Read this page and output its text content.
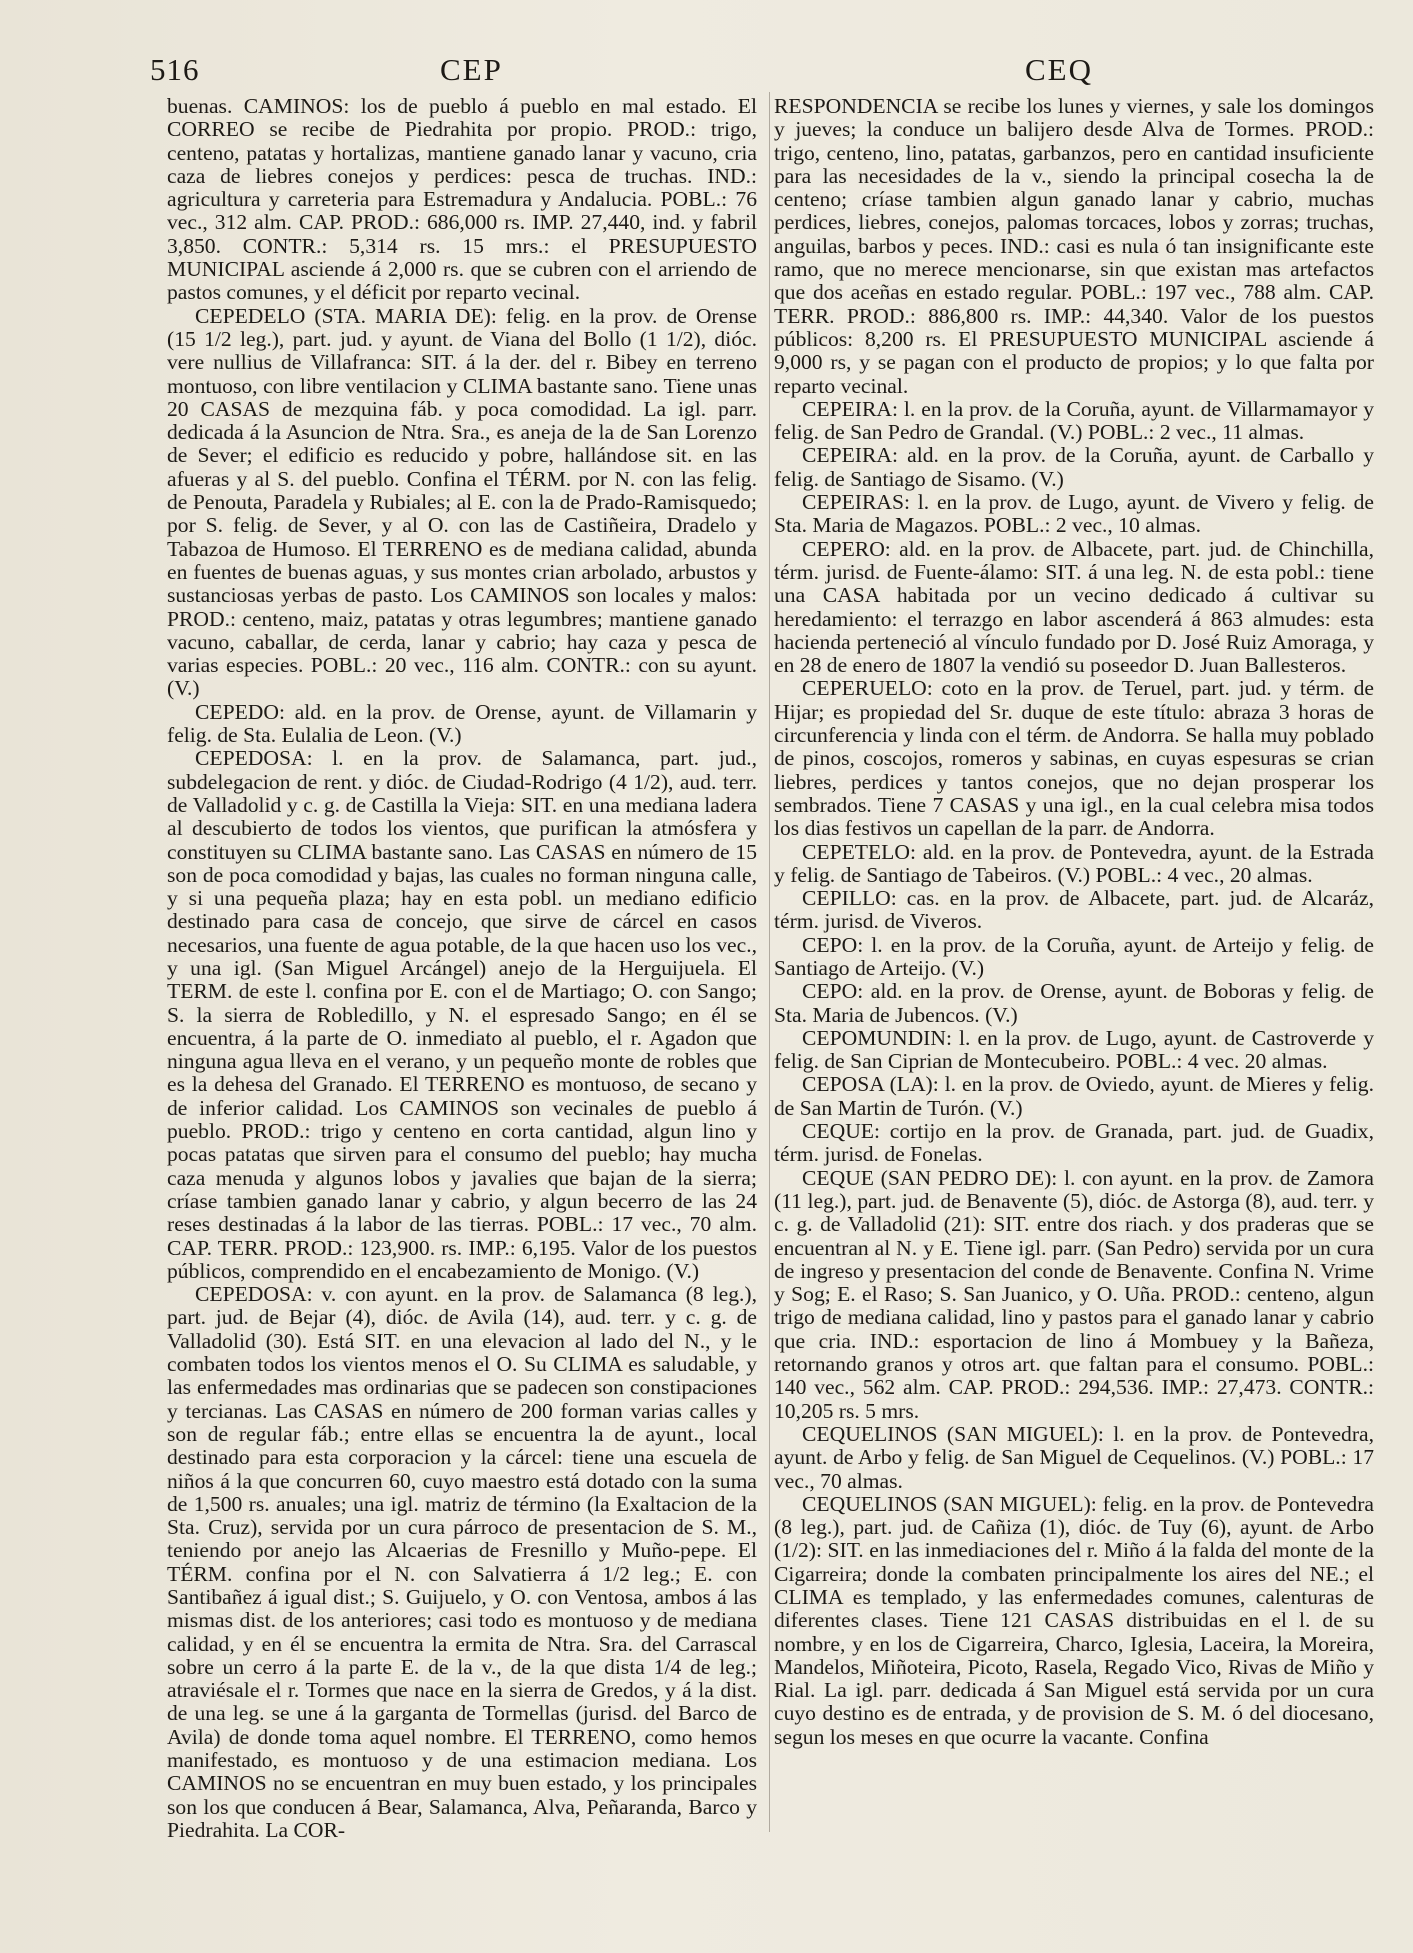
516	CEP	CEQ

buenas. CAMINOS: los de pueblo á pueblo en mal estado. El CORREO se recibe de Piedrahita por propio. PROD.: trigo, centeno, patatas y hortalizas, mantiene ganado lanar y vacuno, cria caza de liebres conejos y perdices: pesca de truchas. IND.: agricultura y carreteria para Estremadura y Andalucia. POBL.: 76 vec., 312 alm. CAP. PROD.: 686,000 rs. IMP. 27,440, ind. y fabril 3,850. CONTR.: 5,314 rs. 15 mrs.: el PRESUPUESTO MUNICIPAL asciende á 2,000 rs. que se cubren con el arriendo de pastos comunes, y el déficit por reparto vecinal.

CEPEDELO (STA. MARIA DE): felig. en la prov. de Orense (15 1/2 leg.), part. jud. y ayunt. de Viana del Bollo (1 1/2), dióc. vere nullius de Villafranca: SIT. á la der. del r. Bibey en terreno montuoso, con libre ventilacion y CLIMA bastante sano. Tiene unas 20 CASAS de mezquina fáb. y poca comodidad. La igl. parr. dedicada á la Asuncion de Ntra. Sra., es aneja de la de San Lorenzo de Sever; el edificio es reducido y pobre, hallándose sit. en las afueras y al S. del pueblo. Confina el TÉRM. por N. con las felig. de Penouta, Paradela y Rubiales; al E. con la de Prado-Ramisquedo; por S. felig. de Sever, y al O. con las de Castiñeira, Dradelo y Tabazoa de Humoso. El TERRENO es de mediana calidad, abunda en fuentes de buenas aguas, y sus montes crian arbolado, arbustos y sustanciosas yerbas de pasto. Los CAMINOS son locales y malos: PROD.: centeno, maiz, patatas y otras legumbres; mantiene ganado vacuno, caballar, de cerda, lanar y cabrio; hay caza y pesca de varias especies. POBL.: 20 vec., 116 alm. CONTR.: con su ayunt. (V.)

CEPEDO: ald. en la prov. de Orense, ayunt. de Villamarin y felig. de Sta. Eulalia de Leon. (V.)

CEPEDOSA: l. en la prov. de Salamanca, part. jud., subdelegacion de rent. y dióc. de Ciudad-Rodrigo (4 1/2), aud. terr. de Valladolid y c. g. de Castilla la Vieja: SIT. en una mediana ladera al descubierto de todos los vientos, que purifican la atmósfera y constituyen su CLIMA bastante sano. Las CASAS en número de 15 son de poca comodidad y bajas, las cuales no forman ninguna calle, y si una pequeña plaza; hay en esta pobl. un mediano edificio destinado para casa de concejo, que sirve de cárcel en casos necesarios, una fuente de agua potable, de la que hacen uso los vec., y una igl. (San Miguel Arcángel) anejo de la Herguijuela. El TERM. de este l. confina por E. con el de Martiago; O. con Sango; S. la sierra de Robledillo, y N. el espresado Sango; en él se encuentra, á la parte de O. inmediato al pueblo, el r. Agadon que ninguna agua lleva en el verano, y un pequeño monte de robles que es la dehesa del Granado. El TERRENO es montuoso, de secano y de inferior calidad. Los CAMINOS son vecinales de pueblo á pueblo. PROD.: trigo y centeno en corta cantidad, algun lino y pocas patatas que sirven para el consumo del pueblo; hay mucha caza menuda y algunos lobos y javalies que bajan de la sierra; críase tambien ganado lanar y cabrio, y algun becerro de las 24 reses destinadas á la labor de las tierras. POBL.: 17 vec., 70 alm. CAP. TERR. PROD.: 123,900. rs. IMP.: 6,195. Valor de los puestos públicos, comprendido en el encabezamiento de Monigo. (V.)

CEPEDOSA: v. con ayunt. en la prov. de Salamanca (8 leg.), part. jud. de Bejar (4), dióc. de Avila (14), aud. terr. y c. g. de Valladolid (30). Está SIT. en una elevacion al lado del N., y le combaten todos los vientos menos el O. Su CLIMA es saludable, y las enfermedades mas ordinarias que se padecen son constipaciones y tercianas. Las CASAS en número de 200 forman varias calles y son de regular fáb.; entre ellas se encuentra la de ayunt., local destinado para esta corporacion y la cárcel: tiene una escuela de niños á la que concurren 60, cuyo maestro está dotado con la suma de 1,500 rs. anuales; una igl. matriz de término (la Exaltacion de la Sta. Cruz), servida por un cura párroco de presentacion de S. M., teniendo por anejo las Alcaerias de Fresnillo y Muño-pepe. El TÉRM. confina por el N. con Salvatierra á 1/2 leg.; E. con Santibañez á igual dist.; S. Guijuelo, y O. con Ventosa, ambos á las mismas dist. de los anteriores; casi todo es montuoso y de mediana calidad, y en él se encuentra la ermita de Ntra. Sra. del Carrascal sobre un cerro á la parte E. de la v., de la que dista 1/4 de leg.; atraviésale el r. Tormes que nace en la sierra de Gredos, y á la dist. de una leg. se une á la garganta de Tormellas (jurisd. del Barco de Avila) de donde toma aquel nombre. El TERRENO, como hemos manifestado, es montuoso y de una estimacion mediana. Los CAMINOS no se encuentran en muy buen estado, y los principales son los que conducen á Bear, Salamanca, Alva, Peñaranda, Barco y Piedrahita. La COR-

RESPONDENCIA se recibe los lunes y viernes, y sale los domingos y jueves; la conduce un balijero desde Alva de Tormes. PROD.: trigo, centeno, lino, patatas, garbanzos, pero en cantidad insuficiente para las necesidades de la v., siendo la principal cosecha la de centeno; críase tambien algun ganado lanar y cabrio, muchas perdices, liebres, conejos, palomas torcaces, lobos y zorras; truchas, anguilas, barbos y peces. IND.: casi es nula ó tan insignificante este ramo, que no merece mencionarse, sin que existan mas artefactos que dos aceñas en estado regular. POBL.: 197 vec., 788 alm. CAP. TERR. PROD.: 886,800 rs. IMP.: 44,340. Valor de los puestos públicos: 8,200 rs. El PRESUPUESTO MUNICIPAL asciende á 9,000 rs, y se pagan con el producto de propios; y lo que falta por reparto vecinal.

CEPEIRA: l. en la prov. de la Coruña, ayunt. de Villarmamayor y felig. de San Pedro de Grandal. (V.) POBL.: 2 vec., 11 almas.

CEPEIRA: ald. en la prov. de la Coruña, ayunt. de Carballo y felig. de Santiago de Sisamo. (V.)

CEPEIRAS: l. en la prov. de Lugo, ayunt. de Vivero y felig. de Sta. Maria de Magazos. POBL.: 2 vec., 10 almas.

CEPERO: ald. en la prov. de Albacete, part. jud. de Chinchilla, térm. jurisd. de Fuente-álamo: SIT. á una leg. N. de esta pobl.: tiene una CASA habitada por un vecino dedicado á cultivar su heredamiento: el terrazgo en labor ascenderá á 863 almudes: esta hacienda perteneció al vínculo fundado por D. José Ruiz Amoraga, y en 28 de enero de 1807 la vendió su poseedor D. Juan Ballesteros.

CEPERUELO: coto en la prov. de Teruel, part. jud. y térm. de Hijar; es propiedad del Sr. duque de este título: abraza 3 horas de circunferencia y linda con el térm. de Andorra. Se halla muy poblado de pinos, coscojos, romeros y sabinas, en cuyas espesuras se crian liebres, perdices y tantos conejos, que no dejan prosperar los sembrados. Tiene 7 CASAS y una igl., en la cual celebra misa todos los dias festivos un capellan de la parr. de Andorra.

CEPETELO: ald. en la prov. de Pontevedra, ayunt. de la Estrada y felig. de Santiago de Tabeiros. (V.) POBL.: 4 vec., 20 almas.

CEPILLO: cas. en la prov. de Albacete, part. jud. de Alcaráz, térm. jurisd. de Viveros.

CEPO: l. en la prov. de la Coruña, ayunt. de Arteijo y felig. de Santiago de Arteijo. (V.)

CEPO: ald. en la prov. de Orense, ayunt. de Boboras y felig. de Sta. Maria de Jubencos. (V.)

CEPOMUNDIN: l. en la prov. de Lugo, ayunt. de Castroverde y felig. de San Ciprian de Montecubeiro. POBL.: 4 vec. 20 almas.

CEPOSA (LA): l. en la prov. de Oviedo, ayunt. de Mieres y felig. de San Martin de Turón. (V.)

CEQUE: cortijo en la prov. de Granada, part. jud. de Guadix, térm. jurisd. de Fonelas.

CEQUE (SAN PEDRO DE): l. con ayunt. en la prov. de Zamora (11 leg.), part. jud. de Benavente (5), dióc. de Astorga (8), aud. terr. y c. g. de Valladolid (21): SIT. entre dos riach. y dos praderas que se encuentran al N. y E. Tiene igl. parr. (San Pedro) servida por un cura de ingreso y presentacion del conde de Benavente. Confina N. Vrime y Sog; E. el Raso; S. San Juanico, y O. Uña. PROD.: centeno, algun trigo de mediana calidad, lino y pastos para el ganado lanar y cabrio que cria. IND.: esportacion de lino á Mombuey y la Bañeza, retornando granos y otros art. que faltan para el consumo. POBL.: 140 vec., 562 alm. CAP. PROD.: 294,536. IMP.: 27,473. CONTR.: 10,205 rs. 5 mrs.

CEQUELINOS (SAN MIGUEL): l. en la prov. de Pontevedra, ayunt. de Arbo y felig. de San Miguel de Cequelinos. (V.) POBL.: 17 vec., 70 almas.

CEQUELINOS (SAN MIGUEL): felig. en la prov. de Pontevedra (8 leg.), part. jud. de Cañiza (1), dióc. de Tuy (6), ayunt. de Arbo (1/2): SIT. en las inmediaciones del r. Miño á la falda del monte de la Cigarreira; donde la combaten principalmente los aires del NE.; el CLIMA es templado, y las enfermedades comunes, calenturas de diferentes clases. Tiene 121 CASAS distribuidas en el l. de su nombre, y en los de Cigarreira, Charco, Iglesia, Laceira, la Moreira, Mandelos, Miñoteira, Picoto, Rasela, Regado Vico, Rivas de Miño y Rial. La igl. parr. dedicada á San Miguel está servida por un cura cuyo destino es de entrada, y de provision de S. M. ó del diocesano, segun los meses en que ocurre la vacante. Confina
